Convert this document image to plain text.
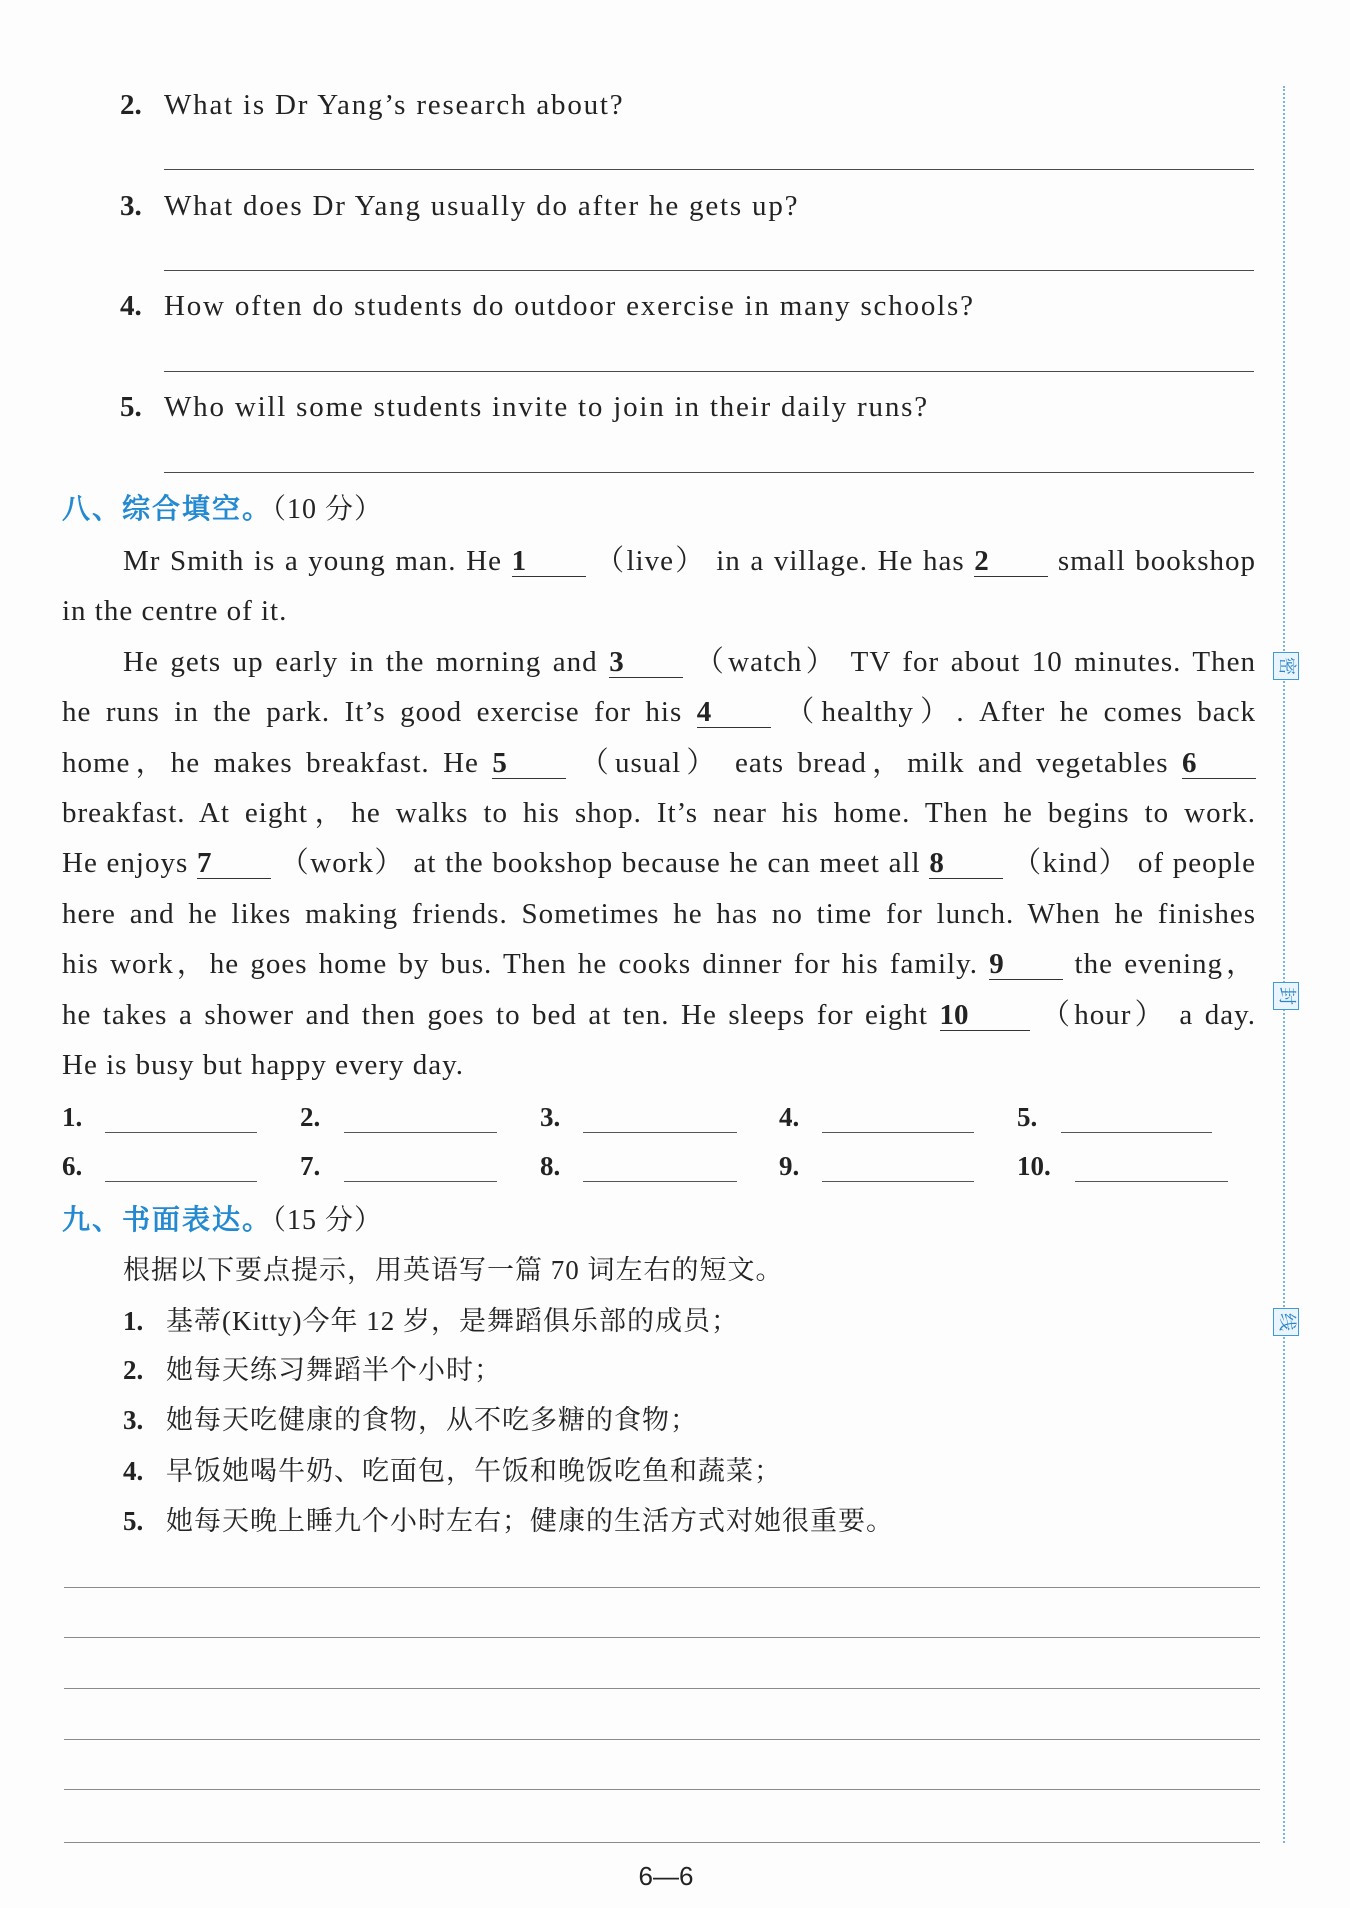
2. What is Dr Yang’s research about?
3. What does Dr Yang usually do after he gets up?
4. How often do students do outdoor exercise in many schools?
5. Who will some students invite to join in their daily runs?
八、综合填空。（10 分）
Mr Smith is a young man. He 1 （live） in a village. He has 2 small bookshop
in the centre of it.
He gets up early in the morning and 3 （watch） TV for about 10 minutes. Then
he runs in the park. It’s good exercise for his 4	（healthy）. After he comes back
home，he makes breakfast. He 5	（usual） eats bread，milk and vegetables 6
breakfast. At eight，he walks to his shop. It’s near his home. Then he begins to work.
He enjoys 7 （work） at the bookshop because he can meet all 8 （kind） of people
here and he likes making friends. Sometimes he has no time for lunch. When he finishes
his work，he goes home by bus. Then he cooks dinner for his family. 9 the evening，
he takes a shower and then goes to bed at ten. He sleeps for eight 10	（hour） a day.
He is busy but happy every day.
1.	2.	3.	4.	5.
6.	7.	8.	9.	10.
九、书面表达。（15 分）
根据以下要点提示，用英语写一篇 70 词左右的短文。
1. 基蒂(Kitty)今年 12 岁，是舞蹈俱乐部的成员；
2. 她每天练习舞蹈半个小时；
3. 她每天吃健康的食物，从不吃多糖的食物；
4. 早饭她喝牛奶、吃面包，午饭和晚饭吃鱼和蔬菜；
5. 她每天晚上睡九个小时左右；健康的生活方式对她很重要。
6—6
密
封
线
